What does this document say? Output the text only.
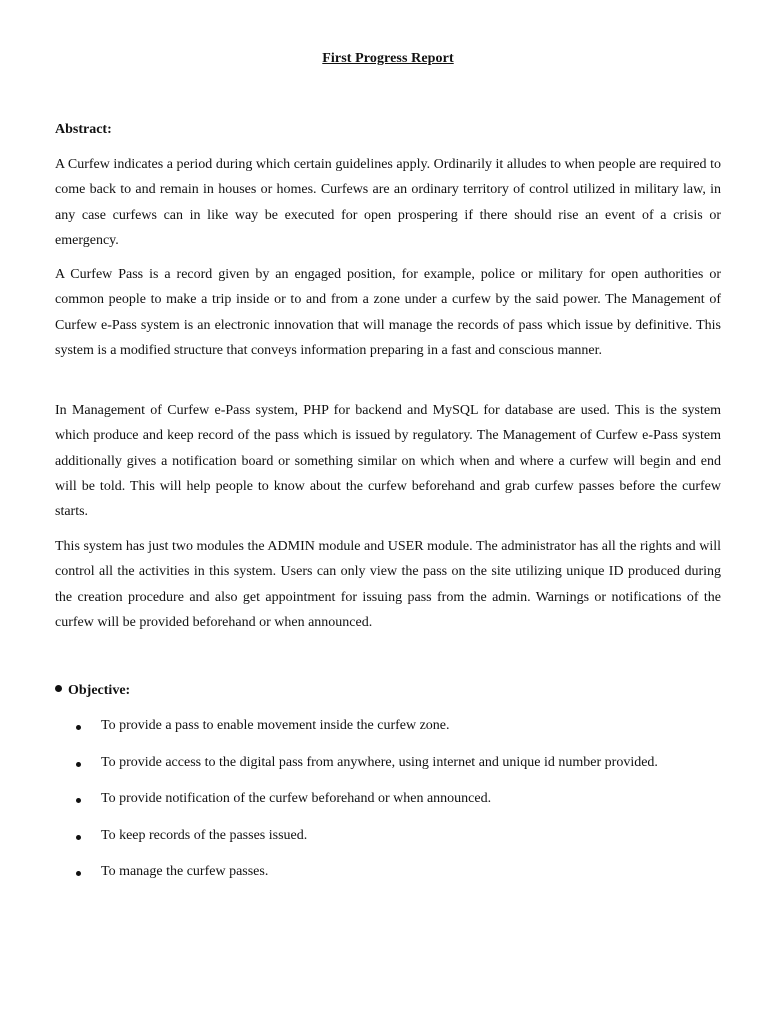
First Progress Report
Abstract:

A Curfew indicates a period during which certain guidelines apply. Ordinarily it alludes to when people are required to come back to and remain in houses or homes. Curfews are an ordinary territory of control utilized in military law, in any case curfews can in like way be executed for open prospering if there should rise an event of a crisis or emergency.

A Curfew Pass is a record given by an engaged position, for example, police or military for open authorities or common people to make a trip inside or to and from a zone under a curfew by the said power. The Management of Curfew e-Pass system is an electronic innovation that will manage the records of pass which issue by definitive. This system is a modified structure that conveys information preparing in a fast and conscious manner.

In Management of Curfew e-Pass system, PHP for backend and MySQL for database are used. This is the system which produce and keep record of the pass which is issued by regulatory. The Management of Curfew e-Pass system additionally gives a notification board or something similar on which when and where a curfew will begin and end will be told. This will help people to know about the curfew beforehand and grab curfew passes before the curfew starts.

This system has just two modules the ADMIN module and USER module. The administrator has all the rights and will control all the activities in this system. Users can only view the pass on the site utilizing unique ID produced during the creation procedure and also get appointment for issuing pass from the admin. Warnings or notifications of the curfew will be provided beforehand or when announced.

Objective:
To provide a pass to enable movement inside the curfew zone.
To provide access to the digital pass from anywhere, using internet and unique id number provided.
To provide notification of the curfew beforehand or when announced.
To keep records of the passes issued.
To manage the curfew passes.
